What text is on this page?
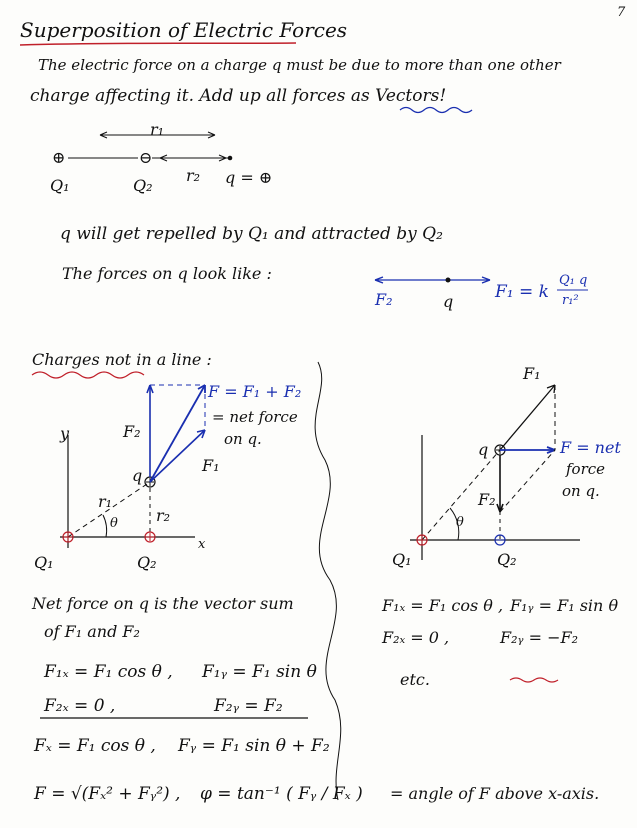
7
Superposition of Electric Forces
The electric force on a charge q must be due to more than one other
charge affecting it. Add up all forces as Vectors!
r₁
⊕	⊖
r₂
Q₁	Q₂	q = ⊕
q will get repelled by Q₁ and attracted by Q₂
The forces on q look like :
F₂	q F₁ = k
Q₁ q
r₁²
Charges not in a line :
y
x
F = F₁ + F₂
= net force
on q.
F₂
F₁
q
r₁
r₂
θ
Q₁	Q₂
F₁
F = net
force
on q.
q
F₂
θ
Q₁	Q₂
Net force on q is the vector sum
of F₁ and F₂
F₁ₓ = F₁ cos θ , F₁ᵧ = F₁ sin θ
F₂ₓ = 0 ,	F₂ᵧ = F₂
Fₓ = F₁ cos θ , Fᵧ = F₁ sin θ + F₂
F₁ₓ = F₁ cos θ , F₁ᵧ = F₁ sin θ
F₂ₓ = 0 ,	F₂ᵧ = −F₂
etc.
F = √(Fₓ² + Fᵧ²) , φ = tan⁻¹ ( Fᵧ / Fₓ ) = angle of F above x-axis.
